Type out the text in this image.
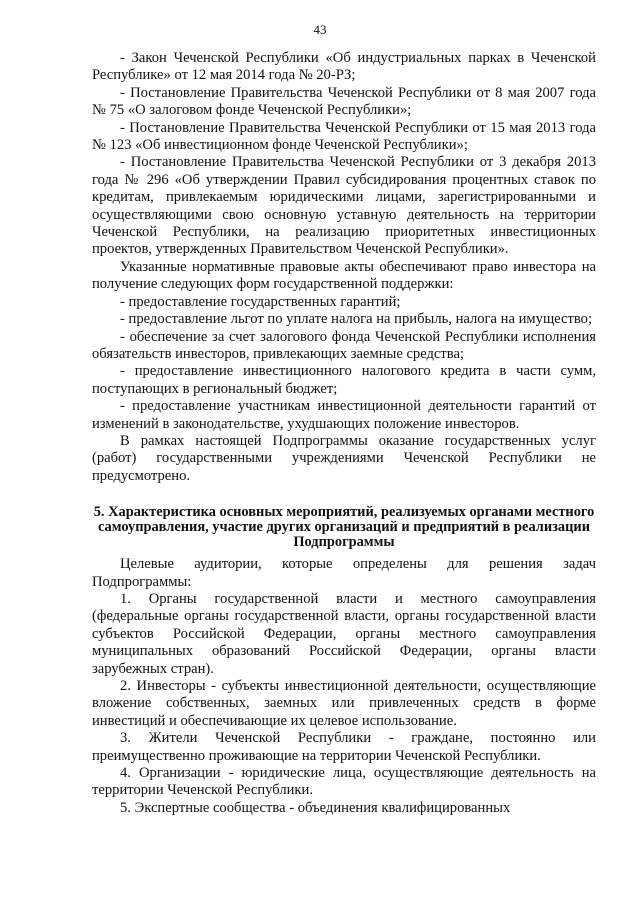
43

- Закон Чеченской Республики «Об индустриальных парках в Чеченской Республике» от 12 мая 2014 года № 20-РЗ;

- Постановление Правительства Чеченской Республики от 8 мая 2007 года № 75 «О залоговом фонде Чеченской Республики»;

- Постановление Правительства Чеченской Республики от 15 мая 2013 года № 123 «Об инвестиционном фонде Чеченской Республики»;

- Постановление Правительства Чеченской Республики от 3 декабря 2013 года № 296 «Об утверждении Правил субсидирования процентных ставок по кредитам, привлекаемым юридическими лицами, зарегистрированными и осуществляющими свою основную уставную деятельность на территории Чеченской Республики, на реализацию приоритетных инвестиционных проектов, утвержденных Правительством Чеченской Республики».

Указанные нормативные правовые акты обеспечивают право инвестора на получение следующих форм государственной поддержки:

- предоставление государственных гарантий;

- предоставление льгот по уплате налога на прибыль, налога на имущество;

- обеспечение за счет залогового фонда Чеченской Республики исполнения обязательств инвесторов, привлекающих заемные средства;

- предоставление инвестиционного налогового кредита в части сумм, поступающих в региональный бюджет;

- предоставление участникам инвестиционной деятельности гарантий от изменений в законодательстве, ухудшающих положение инвесторов.

В рамках настоящей Подпрограммы оказание государственных услуг (работ) государственными учреждениями Чеченской Республики не предусмотрено.

5. Характеристика основных мероприятий, реализуемых органами местного самоуправления, участие других организаций и предприятий в реализации Подпрограммы

Целевые аудитории, которые определены для решения задач Подпрограммы:

1. Органы государственной власти и местного самоуправления (федеральные органы государственной власти, органы государственной власти субъектов Российской Федерации, органы местного самоуправления муниципальных образований Российской Федерации, органы власти зарубежных стран).

2. Инвесторы - субъекты инвестиционной деятельности, осуществляющие вложение собственных, заемных или привлеченных средств в форме инвестиций и обеспечивающие их целевое использование.

3. Жители Чеченской Республики - граждане, постоянно или преимущественно проживающие на территории Чеченской Республики.

4. Организации - юридические лица, осуществляющие деятельность на территории Чеченской Республики.

5. Экспертные сообщества - объединения квалифицированных
